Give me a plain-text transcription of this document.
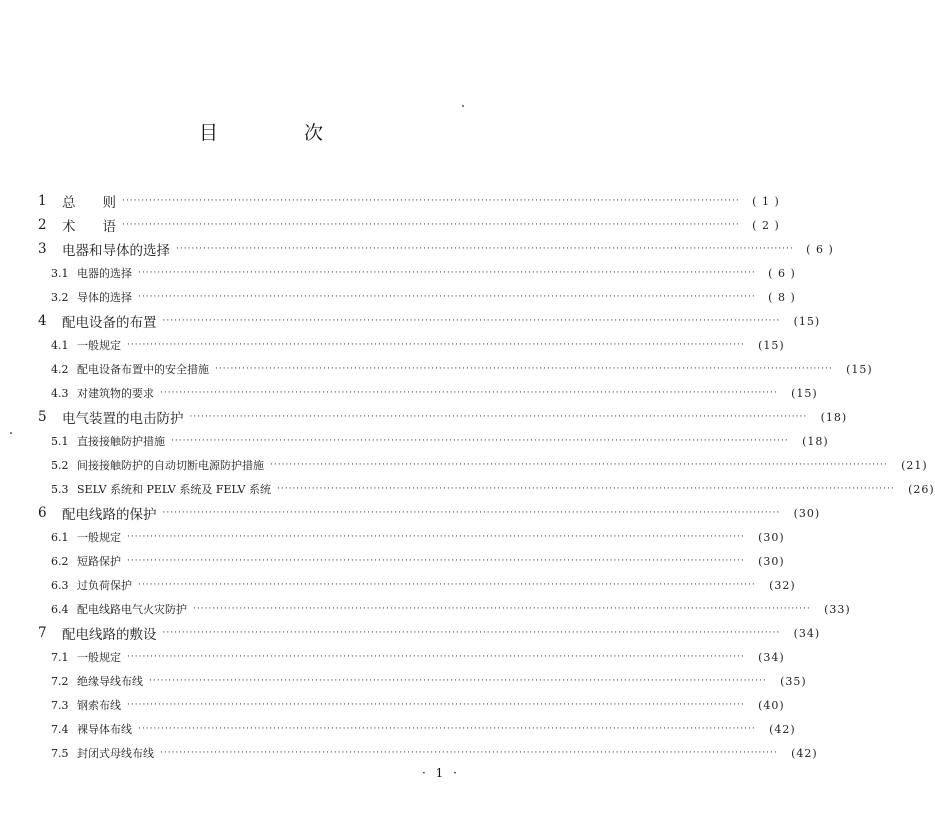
目 次
1	总　　则 ································································································································································	( 1 )
2	术　　语 ································································································································································	( 2 )
3	电器和导体的选择 ································································································································································	( 6 )
3.1 电器的选择 ································································································································································	( 6 )
3.2 导体的选择 ································································································································································	( 8 )
4	配电设备的布置 ································································································································································	(15)
4.1 一般规定 ································································································································································	(15)
4.2 配电设备布置中的安全措施 ································································································································································	(15)
4.3 对建筑物的要求 ································································································································································	(15)
5	电气装置的电击防护 ································································································································································	(18)
5.1 直接接触防护措施 ································································································································································	(18)
5.2 间接接触防护的自动切断电源防护措施 ································································································································································	(21)
5.3 SELV 系统和 PELV 系统及 FELV 系统 ································································································································································	(26)
6	配电线路的保护 ································································································································································	(30)
6.1 一般规定 ································································································································································	(30)
6.2 短路保护 ································································································································································	(30)
6.3 过负荷保护 ································································································································································	(32)
6.4 配电线路电气火灾防护 ································································································································································	(33)
7	配电线路的敷设 ································································································································································	(34)
7.1 一般规定 ································································································································································	(34)
7.2 绝缘导线布线 ································································································································································	(35)
7.3 钢索布线 ································································································································································	(40)
7.4 裸导体布线 ································································································································································	(42)
7.5 封闭式母线布线 ································································································································································	(42)
· 1 ·
